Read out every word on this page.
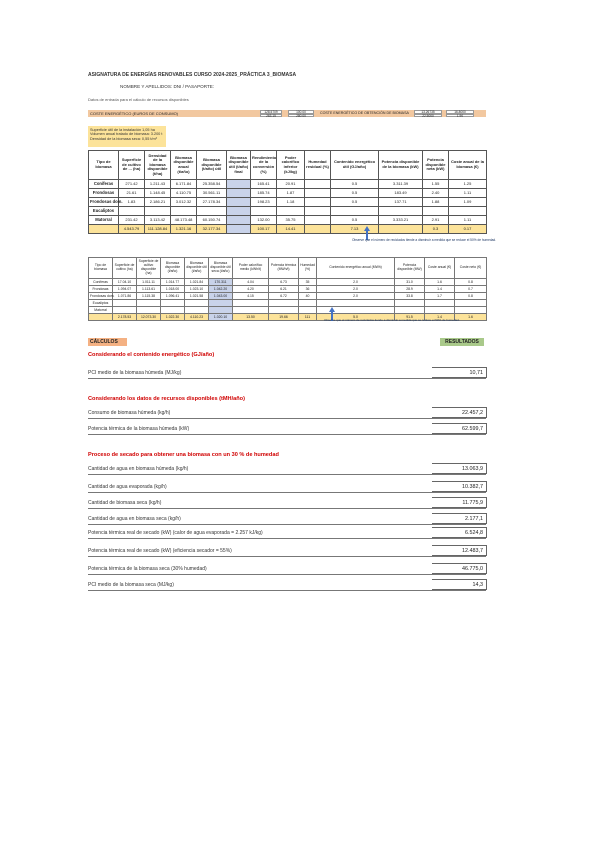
ASIGNATURA DE ENERGÍAS RENOVABLES CURSO 2024-2025_PRÁCTICA 3_BIOMASA
NOMBRE Y APELLIDOS: DNI / PASAPORTE:
Datos de entrada para el cálculo de recursos disponibles
COSTE ENERGÉTICO (EUROS DE CONSUMO)	128.5709
263.15
100.00
280.00
COSTE ENERGÉTICO DE OBTENCIÓN DE BIOMASA	13.26735
22.5000
16.8000
1.90
Superficie útil de la instalación 1,05 ha
Volumen anual tratado de biomasa: 3.200 t
Densidad de la biomasa seca: 0,55 t/m³
Tipo de biomasa	Superficie de cultivo de ... (ha)	Densidad de la biomasa disponible (t/ha)	Biomasa disponible anual (t/año)	Biomasa disponible (t/año) útil	Biomasa disponible útil (t/año) final	Rendimiento de la conversión (%)	Poder calorífico inferior (kJ/kg)	Humedad residual (%)	Contenido energético útil (GJ/año)	Potencia disponible de la biomasa (kW)	Potencia disponible neta (kW)	Coste anual de la biomasa (€)
Coníferas	271.42	1.211.43	6.171.84	25.358.54		165.41	20.91		0.5	3.311.39	1.55	1.25
Frondosas	21.61	1.148.45	4.110.75	30.561.11		185.74	1.87		0.5	183.49	2.40	1.11
Frondosas dom.	1.83	2.186.21	3.012.32	27.178.34		198.23	1.18		0.5	137.71	1.88	1.09
Eucaliptos												
Matorral	231.42	3.113.42	48.173.48	60.150.74		132.00	35.75		0.5	3.333.21	2.91	1.11
	4.543.79	111.128.84	1.321.16	32.177.34		100.17	14.41		7.13		0.3	0.17
Observe que el número de reciclados tiende a disminuir a medida que se reduce el 50% de humedad.
Tipo de biomasa	Superficie de cultivo (ha)	Superficie de cultivo disponible (ha)	Biomasa disponible (t/año)	Biomasa disponible útil (t/año)	Biomasa disponible útil seca (t/año)	Poder calorífico medio (kWh/t)	Potencia térmica (MWh/t)	Humedad (%)	Contenido energético anual (MWh)	Potencia disponible (MW)	Coste anual (€)	Coste neto (€)
Coníferas	17.04.10	1.011.11	1.014.77	1.021.84	170.311	4.04	6.73	35	2.0	31.0	1.6	0.8
Frondosas	1.094.07	1.113.61	1.018.00	1.023.10	1.042.20	4.20	6.21	36	2.0	28.9	1.4	0.7
Frondosas dom.	1.071.86	1.115.38	1.096.41	1.021.58	1.043.00	4.15	6.72	40	2.0	33.8	1.7	0.8
Eucaliptos												
Matorral												
	2.178.53	12.073.30	1.022.30	4.110.23	1.020.10	13.50	19.66	111	5.0	91.5	1.4	1.6
Observe que el número de reciclados tiende a disminuir a medida que se reduce el 50% de humedad.
CÁLCULOS	RESULTADOS
Considerando el contenido energético (GJ/año)
PCI medio de la biomasa húmeda (MJ/kg)	10,71
Considerando los datos de recursos disponibles (tMH/año)
Consumo de biomasa húmeda (kg/h)	22.457,2
Potencia térmica de la biomasa húmeda (kW)	62.599,7
Proceso de secado para obtener una biomasa con un 30 % de humedad
Cantidad de agua en biomasa húmeda (kg/h)	13.063,9
Cantidad de agua evaporada (kg/h)	10.382,7
Cantidad de biomasa seca (kg/h)	11.775,9
Cantidad de agua en biomasa seca (kg/h)	2.177,1
Potencia térmica real de secado (kW) (calor de agua evaporada = 2.257 kJ/kg)	6.524,8
Potencia térmica real de secado (kW) (eficiencia secador = 55%)	12.483,7
Potencia térmica de la biomasa seca (30% humedad)	46.775,0
PCI medio de la biomasa seca (MJ/kg)	14,3
